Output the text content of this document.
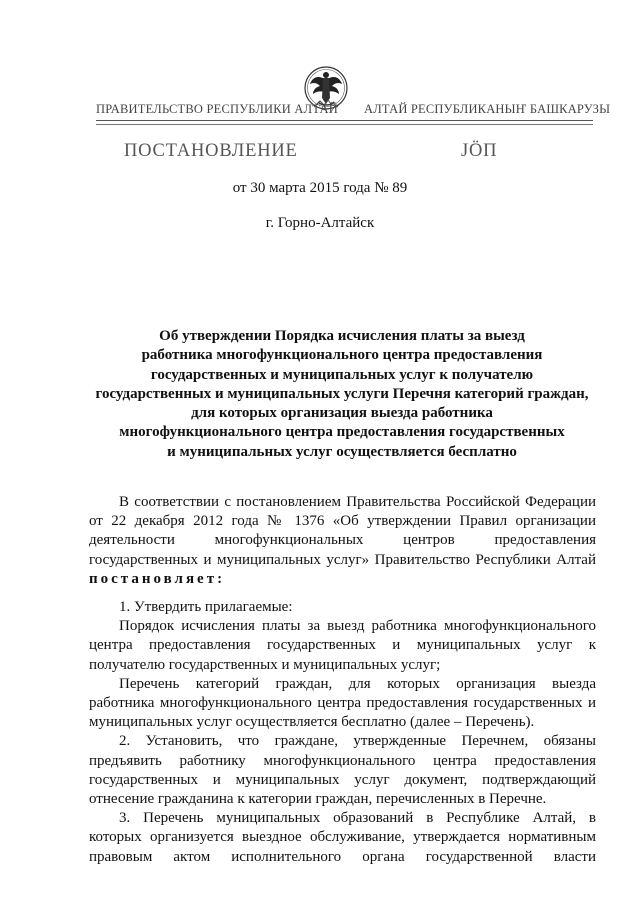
ПРАВИТЕЛЬСТВО РЕСПУБЛИКИ АЛТАЙ АЛТАЙ РЕСПУБЛИКАНЫҤ БАШКАРУЗЫ
ПОСТАНОВЛЕНИЕ	ЈӦП
от 30 марта 2015 года № 89
г. Горно-Алтайск
Об утверждении Порядка исчисления платы за выезд
работника многофункционального центра предоставления
государственных и муниципальных услуг к получателю
государственных и муниципальных услуги Перечня категорий граждан,
для которых организация выезда работника
многофункционального центра предоставления государственных
и муниципальных услуг осуществляется бесплатно
В соответствии с постановлением Правительства Российской Федерации
от 22 декабря 2012 года № 1376 «Об утверждении Правил организации
деятельности многофункциональных центров предоставления
государственных и муниципальных услуг» Правительство Республики Алтай
постановляет:
1. Утвердить прилагаемые:
Порядок исчисления платы за выезд работника многофункционального
центра предоставления государственных и муниципальных услуг к
получателю государственных и муниципальных услуг;
Перечень категорий граждан, для которых организация выезда
работника многофункционального центра предоставления государственных и
муниципальных услуг осуществляется бесплатно (далее – Перечень).
2. Установить, что граждане, утвержденные Перечнем, обязаны
предъявить работнику многофункционального центра предоставления
государственных и муниципальных услуг документ, подтверждающий
отнесение гражданина к категории граждан, перечисленных в Перечне.
3. Перечень муниципальных образований в Республике Алтай, в
которых организуется выездное обслуживание, утверждается нормативным
правовым актом исполнительного органа государственной власти
